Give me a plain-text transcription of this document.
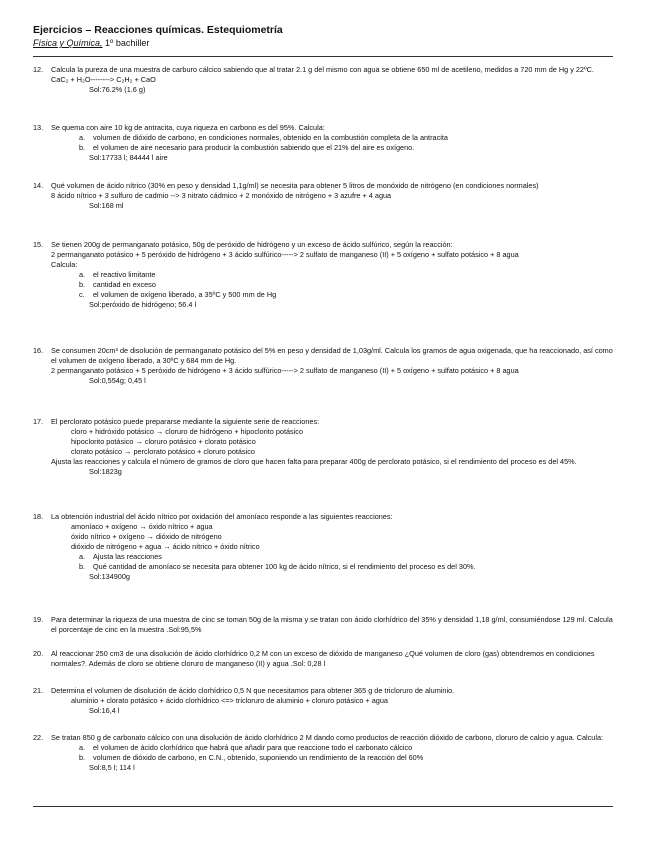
Ejercicios – Reacciones químicas. Estequiometría
Física y Química, 1º bachiller
12.	Calcula la pureza de una muestra de carburo cálcico sabiendo que al tratar 2.1 g del mismo con agua se obtiene 650 ml de acetileno, medidos a 720 mm de Hg y 22ºC.

CaC₂ + H₂O--------> C₂H₂ + CaO

Sol:76.2% (1.6 g)

13.	Se quema con aire 10 kg de antracita, cuya riqueza en carbono es del 95%. Calcula:

a. volumen de dióxido de carbono, en condiciones normales, obtenido en la combustión completa de la antracita

b. el volumen de aire necesario para producir la combustión sabiendo que el 21% del aire es oxígeno.

Sol:17733 l; 84444 l aire

14.	Qué volumen de ácido nítrico (30% en peso y densidad 1,1g/ml) se necesita para obtener 5 litros de monóxido de nitrógeno (en condiciones normales)

8 ácido nítrico + 3 sulfuro de cadmio --> 3 nitrato cádmico + 2 monóxido de nitrógeno + 3 azufre + 4 agua

Sol:168 ml

15.	Se tienen 200g de permanganato potásico, 50g de peróxido de hidrógeno y un exceso de ácido sulfúrico, según la reacción:

2 permanganato potásico + 5 peróxido de hidrógeno + 3 ácido sulfúrico-----> 2 sulfato de manganeso (II) + 5 oxígeno + sulfato potásico + 8 agua

Calcula:

a. el reactivo limitante

b. cantidad en exceso

c. el volumen de oxígeno liberado, a 35ºC y 500 mm de Hg

Sol:peróxido de hidrógeno; 56.4 l

16.	Se consumen 20cm³ de disolución de permanganato potásico del 5% en peso y densidad de 1,03g/ml. Calcula los gramos de agua oxigenada, que ha reaccionado, así como el volumen de oxígeno liberado, a 30ºC y 684 mm de Hg.

2 permanganato potásico + 5 peróxido de hidrógeno + 3 ácido sulfúrico-----> 2 sulfato de manganeso (II) + 5 oxígeno + sulfato potásico + 8 agua

Sol:0,554g; 0,45 l

17.	El perclorato potásico puede prepararse mediante la siguiente serie de reacciones:

cloro + hidróxido potásico → cloruro de hidrógeno + hipoclorito potásico

hipoclorito potásico → cloruro potásico + clorato potásico

clorato potásico → perclorato potásico + cloruro potásico

Ajusta las reacciones y calcula el número de gramos de cloro que hacen falta para preparar 400g de perclorato potásico, si el rendimiento del proceso es del 45%.

Sol:1823g

18.	La obtención industrial del ácido nítrico por oxidación del amoníaco responde a las siguientes reacciones:

amoníaco + oxígeno → óxido nítrico + agua

óxido nítrico + oxígeno → dióxido de nitrógeno

dióxido de nitrógeno + agua → ácido nítrico + óxido nítrico

a. Ajusta las reacciones

b. Qué cantidad de amoníaco se necesita para obtener 100 kg de ácido nítrico, si el rendimiento del proceso es del 30%.

Sol:134900g

19.	Para determinar la riqueza de una muestra de cinc se toman 50g de la misma y se tratan con ácido clorhídrico del 35% y densidad 1,18 g/ml, consumiéndose 129 ml. Calcula el porcentaje de cinc en la muestra .Sol:95,5%

20.	Al reaccionar 250 cm3 de una disolución de ácido clorhídrico 0,2 M con un exceso de dióxido de manganeso ¿Qué volumen de cloro (gas) obtendremos en condiciones normales?. Además de cloro se obtiene cloruro de manganeso (II) y agua .Sol: 0,28 l

21.	Determina el volumen de disolución de ácido clorhídrico 0,5 N que necesitamos para obtener 365 g de tricloruro de aluminio.

aluminio + clorato potásico + ácido clorhídrico <=> tricloruro de aluminio + cloruro potásico + agua

Sol:16,4 l

22.	Se tratan 850 g de carbonato cálcico con una disolución de ácido clorhídrico 2 M dando como productos de reacción dióxido de carbono, cloruro de calcio y agua. Calcula:

a. el volumen de ácido clorhídrico que habrá que añadir para que reaccione todo el carbonato cálcico

b. volumen de dióxido de carbono, en C.N., obtenido, suponiendo un rendimiento de la reacción del 60%

Sol:8,5 l; 114 l
